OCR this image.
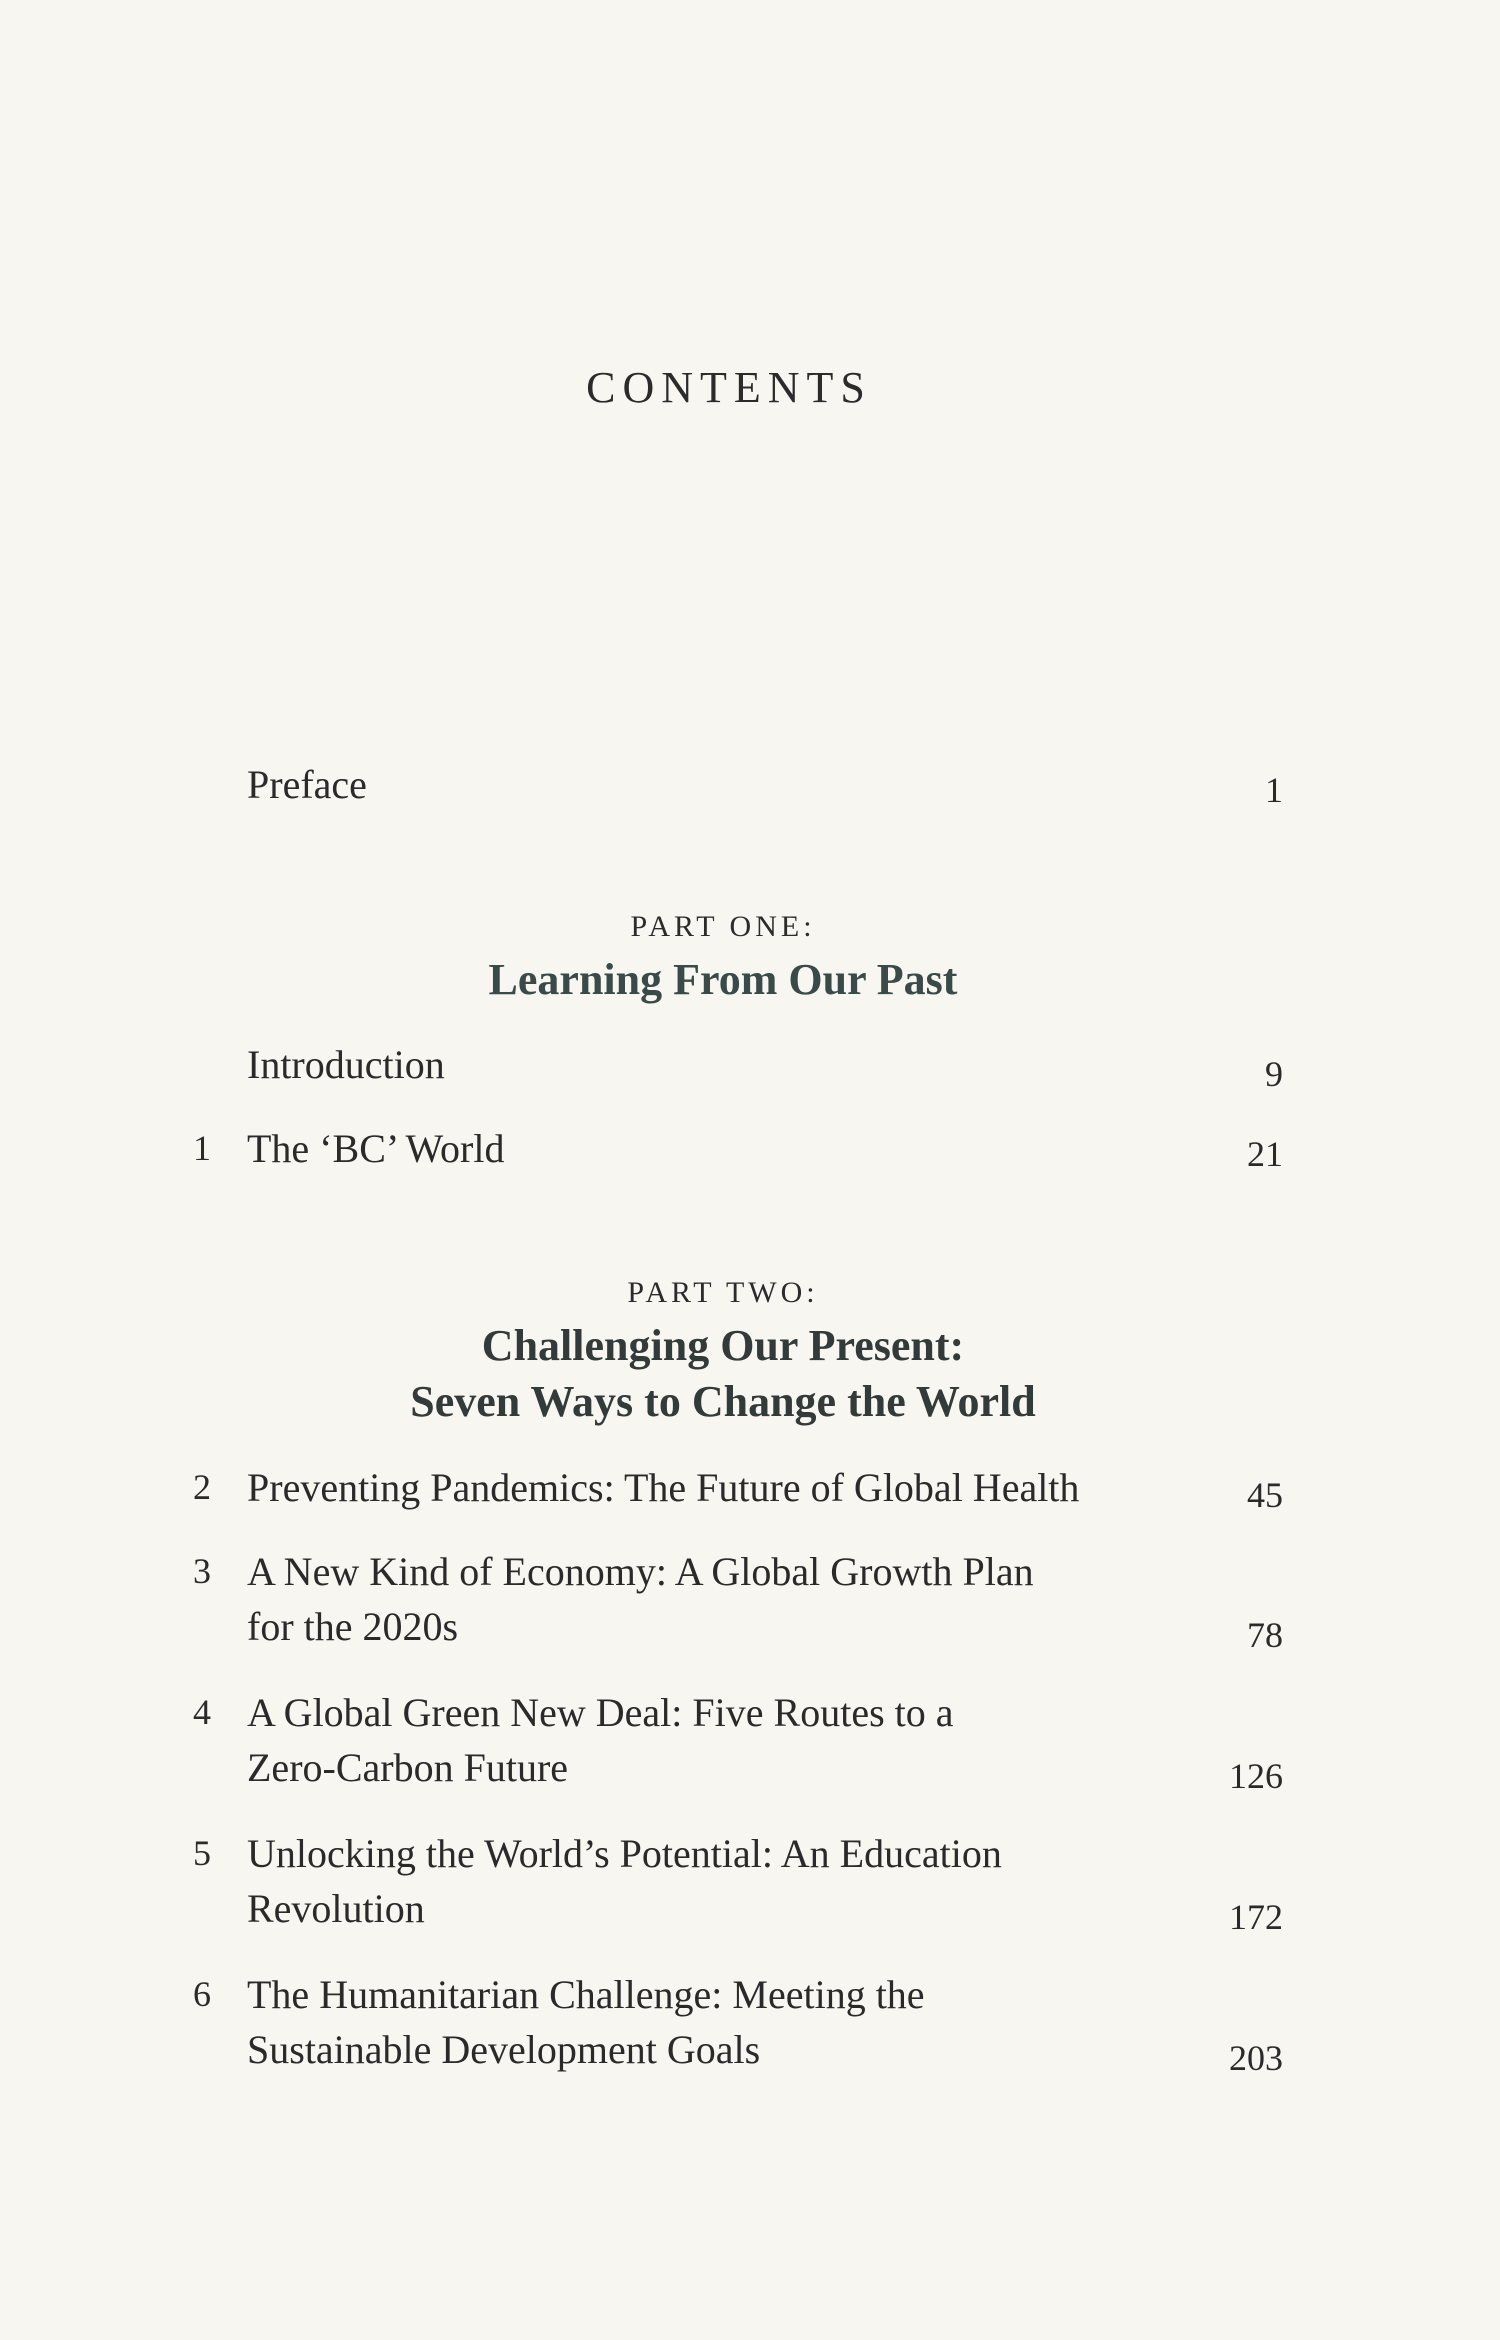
CONTENTS
Preface	1
PART ONE:
Learning From Our Past
Introduction	9
1 The ‘BC’ World	21
PART TWO:
Challenging Our Present:
Seven Ways to Change the World
2 Preventing Pandemics: The Future of Global Health	45
3 A New Kind of Economy: A Global Growth Plan
for the 2020s	78
4 A Global Green New Deal: Five Routes to a
Zero-Carbon Future	126
5 Unlocking the World’s Potential: An Education
Revolution	172
6 The Humanitarian Challenge: Meeting the
Sustainable Development Goals	203
